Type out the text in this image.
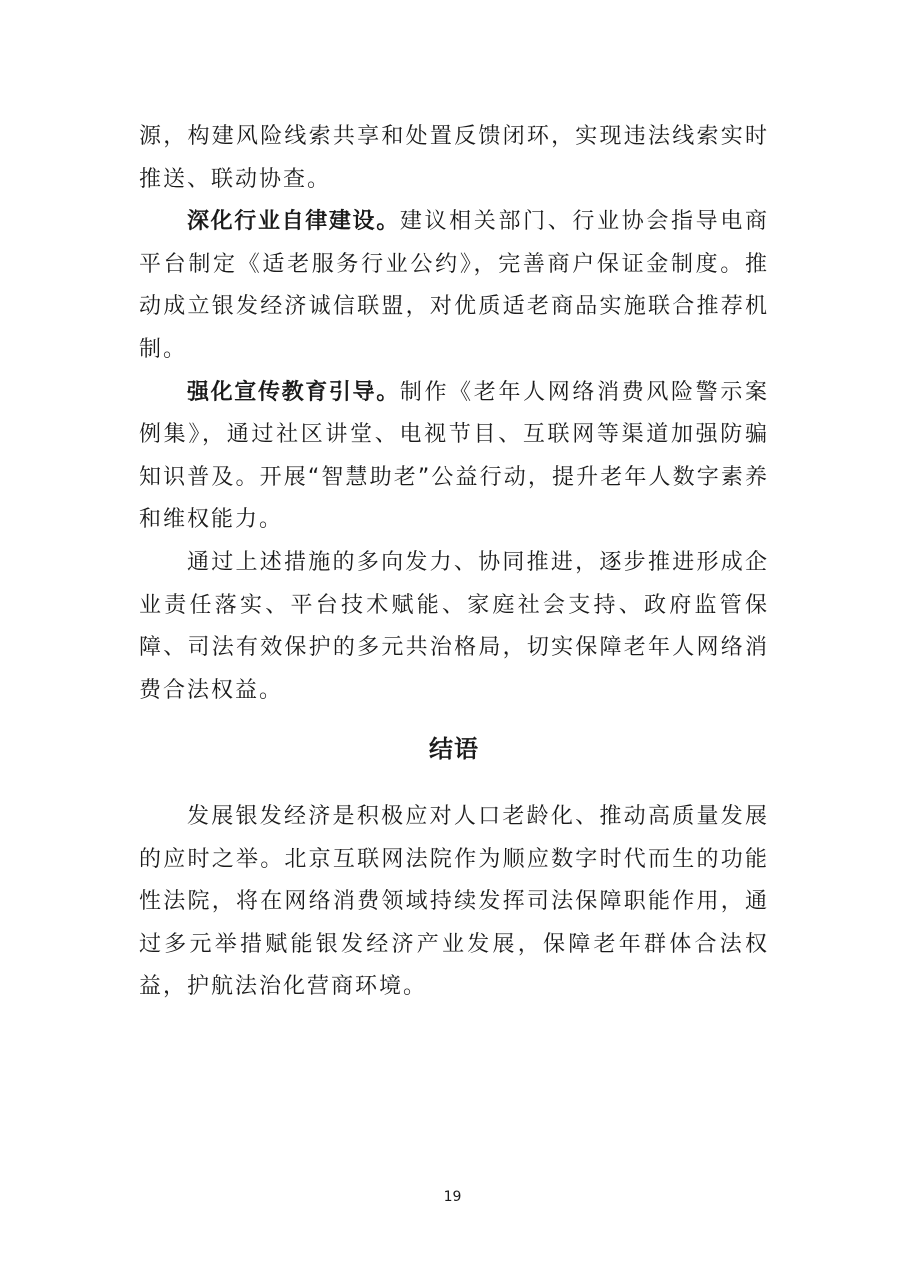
源，构建风险线索共享和处置反馈闭环，实现违法线索实时推送、联动协查。

深化行业自律建设。建议相关部门、行业协会指导电商平台制定《适老服务行业公约》，完善商户保证金制度。推动成立银发经济诚信联盟，对优质适老商品实施联合推荐机制。

强化宣传教育引导。制作《老年人网络消费风险警示案例集》，通过社区讲堂、电视节目、互联网等渠道加强防骗知识普及。开展“智慧助老”公益行动，提升老年人数字素养和维权能力。

通过上述措施的多向发力、协同推进，逐步推进形成企业责任落实、平台技术赋能、家庭社会支持、政府监管保障、司法有效保护的多元共治格局，切实保障老年人网络消费合法权益。

结语

发展银发经济是积极应对人口老龄化、推动高质量发展的应时之举。北京互联网法院作为顺应数字时代而生的功能性法院，将在网络消费领域持续发挥司法保障职能作用，通过多元举措赋能银发经济产业发展，保障老年群体合法权益，护航法治化营商环境。

19
